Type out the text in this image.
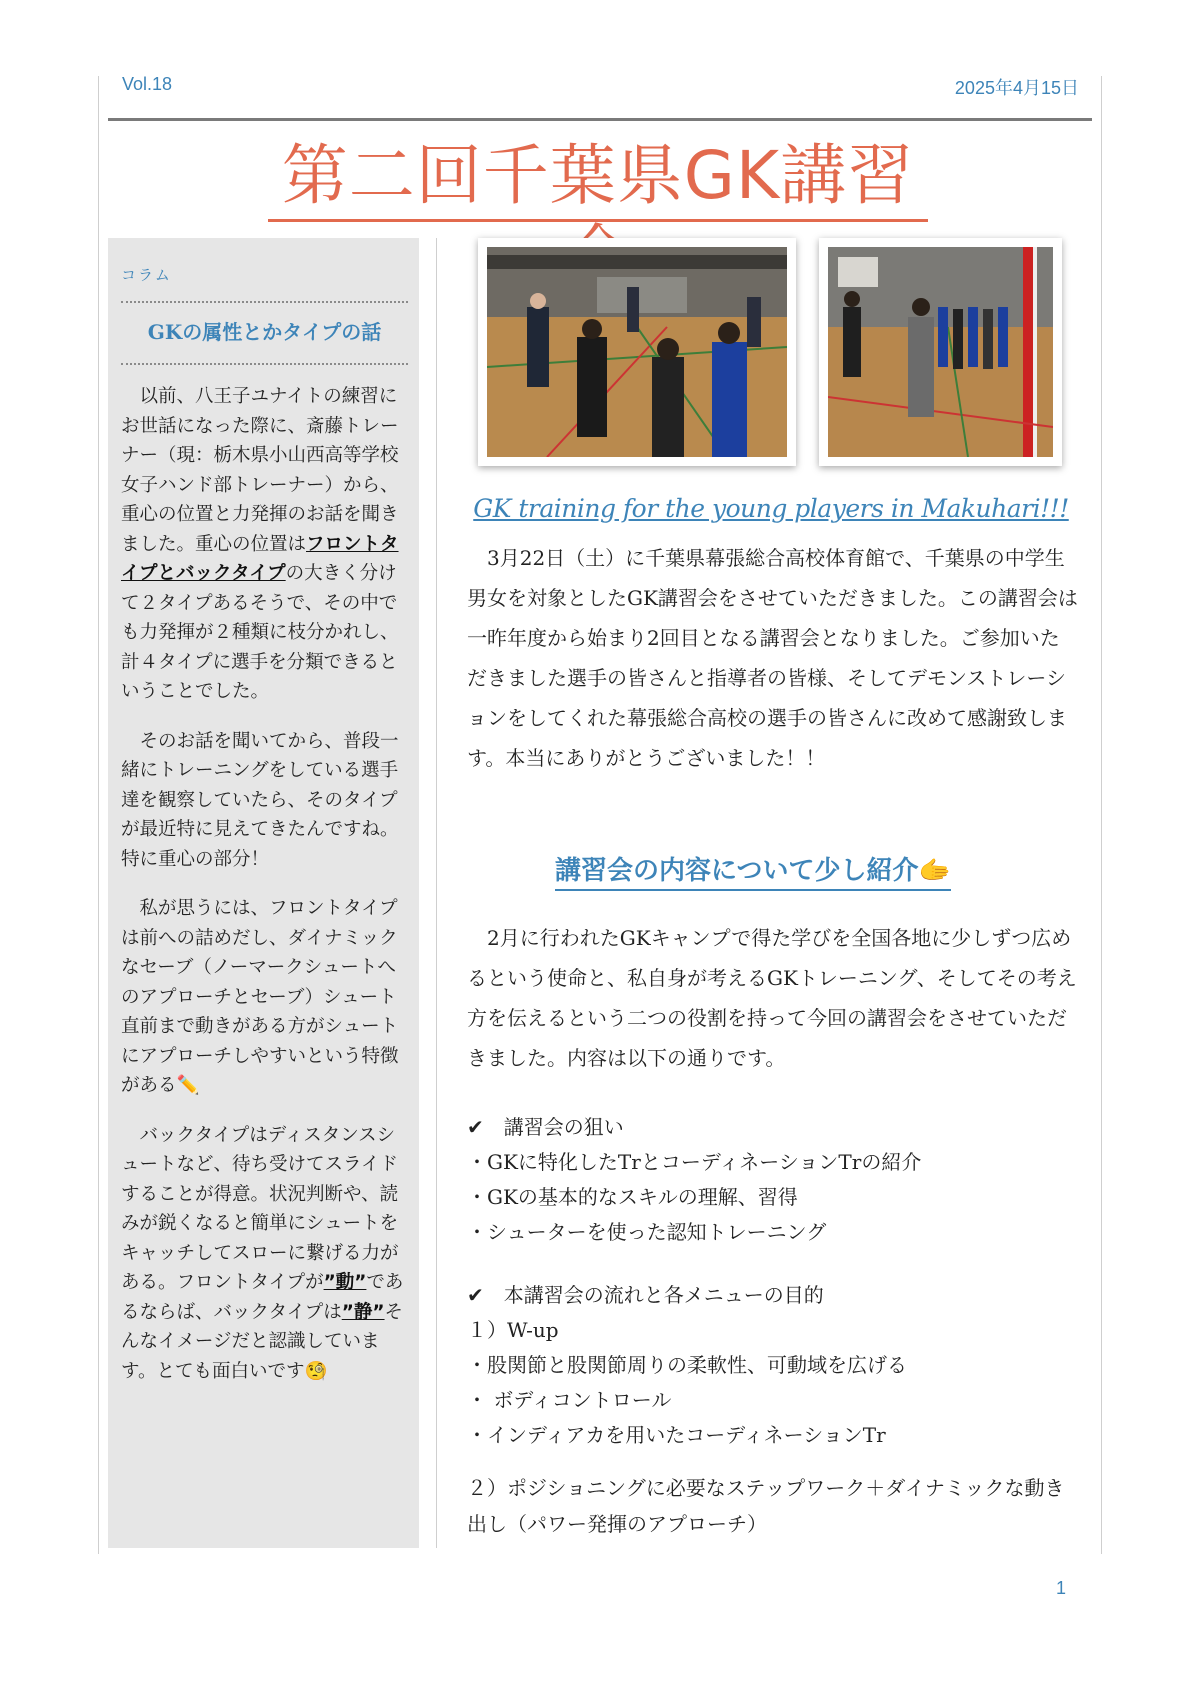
Vol.18	2025年4月15日
第二回千葉県GK講習
コラム
GKの属性とかタイプの話

以前、八王子ユナイトの練習にお世話になった際に、斎藤トレーナー（現：栃木県小山西高等学校 女子ハンド部トレーナー）から、重心の位置と力発揮のお話を聞きました。重心の位置はフロントタイプとバックタイプの大きく分けて２タイプあるそうで、その中でも力発揮が２種類に枝分かれし、計４タイプに選手を分類できるということでした。

そのお話を聞いてから、普段一緒にトレーニングをしている選手達を観察していたら、そのタイプが最近特に見えてきたんですね。特に重心の部分！

私が思うには、フロントタイプは前への詰めだし、ダイナミックなセーブ（ノーマークシュートへのアプローチとセーブ）シュート直前まで動きがある方がシュートにアプローチしやすいという特徴がある✏️

バックタイプはディスタンスシュートなど、待ち受けてスライドすることが得意。状況判断や、読みが鋭くなると簡単にシュートをキャッチしてスローに繋げる力がある。フロントタイプが”動”であるならば、バックタイプは”静”そんなイメージだと認識しています。とても面白いです🧐

GK training for the young players in Makuhari!!!

3月22日（土）に千葉県幕張総合高校体育館で、千葉県の中学生男女を対象としたGK講習会をさせていただきました。この講習会は一昨年度から始まり2回目となる講習会となりました。ご参加いただきました選手の皆さんと指導者の皆様、そしてデモンストレーションをしてくれた幕張総合高校の選手の皆さんに改めて感謝致します。本当にありがとうございました！！

講習会の内容について少し紹介🫱

2月に行われたGKキャンプで得た学びを全国各地に少しずつ広めるという使命と、私自身が考えるGKトレーニング、そしてその考え方を伝えるという二つの役割を持って今回の講習会をさせていただきました。内容は以下の通りです。

✔　講習会の狙い
・GKに特化したTrとコーディネーションTrの紹介
・GKの基本的なスキルの理解、習得
・シューターを使った認知トレーニング
✔　本講習会の流れと各メニューの目的
１）W-up
・股関節と股関節周りの柔軟性、可動域を広げる
・ ボディコントロール
・インディアカを用いたコーディネーションTr

２）ポジショニングに必要なステップワーク＋ダイナミックな動き出し（パワー発揮のアプローチ）

1
